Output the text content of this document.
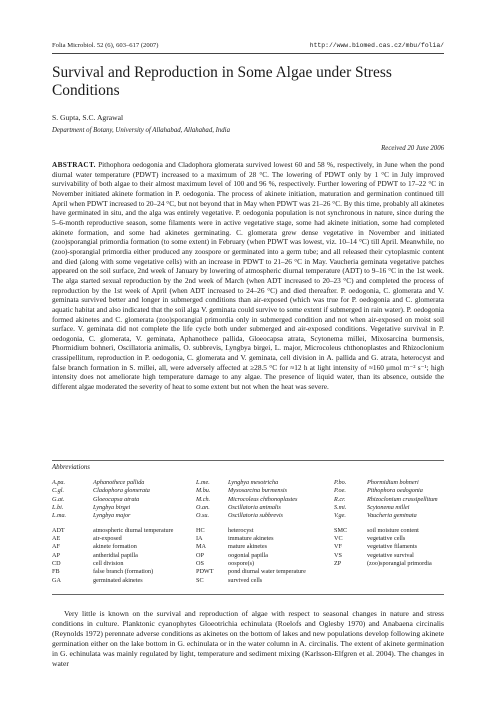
Folia Microbiol. 52 (6), 603–617 (2007)	http://www.biomed.cas.cz/mbu/folia/
Survival and Reproduction in Some Algae under Stress Conditions
S. Gupta, S.C. Agrawal
Department of Botany, University of Allahabad, Allahabad, India
Received 20 June 2006
ABSTRACT. Pithophora oedogonia and Cladophora glomerata survived lowest 60 and 58 %, respectively, in June when the pond diurnal water temperature (PDWT) increased to a maximum of 28 °C. The lowering of PDWT only by 1 °C in July improved survivability of both algae to their almost maximum level of 100 and 96 %, respectively. Further lowering of PDWT to 17–22 °C in November initiated akinete formation in P. oedogonia. The process of akinete initiation, maturation and germination continued till April when PDWT increased to 20–24 °C, but not beyond that in May when PDWT was 21–26 °C. By this time, probably all akinetes have germinated in situ, and the alga was entirely vegetative. P. oedogonia population is not synchronous in nature, since during the 5–6-month reproductive season, some filaments were in active vegetative stage, some had akinete initiation, some had completed akinete formation, and some had akinetes germinating. C. glomerata grew dense vegetative in November and initiated (zoo)sporangial primordia formation (to some extent) in February (when PDWT was lowest, viz. 10–14 °C) till April. Meanwhile, no (zoo)-sporangial primordia either produced any zoospore or germinated into a germ tube; and all released their cytoplasmic content and died (along with some vegetative cells) with an increase in PDWT to 21–26 °C in May. Vaucheria geminata vegetative patches appeared on the soil surface, 2nd week of January by lowering of atmospheric diurnal temperature (ADT) to 9–16 °C in the 1st week. The alga started sexual reproduction by the 2nd week of March (when ADT increased to 20–23 °C) and completed the process of reproduction by the 1st week of April (when ADT increased to 24–26 °C) and died thereafter. P. oedogonia, C. glomerata and V. geminata survived better and longer in submerged conditions than air-exposed (which was true for P. oedogonia and C. glomerata aquatic habitat and also indicated that the soil alga V. geminata could survive to some extent if submerged in rain water). P. oedogonia formed akinetes and C. glomerata (zoo)sporangial primordia only in submerged condition and not when air-exposed on moist soil surface. V. geminata did not complete the life cycle both under submerged and air-exposed conditions. Vegetative survival in P. oedogonia, C. glomerata, V. geminata, Aphanothece pallida, Gloeocapsa atrata, Scytonema millei, Mixosarcina burmensis, Phormidium bohneri, Oscillatoria animalis, O. subbrevis, Lyngbya birgei, L. major, Microcoleus chthonoplastes and Rhizoclonium crassipellitum, reproduction in P. oedogonia, C. glomerata and V. geminata, cell division in A. pallida and G. atrata, heterocyst and false branch formation in S. millei, all, were adversely affected at ≥28.5 °C for ≈12 h at light intensity of ≈160 μmol m⁻² s⁻¹; high intensity does not ameliorate high temperature damage to any algae. The presence of liquid water, than its absence, outside the different algae moderated the severity of heat to some extent but not when the heat was severe.
Abbreviations
A.pa.	Aphanothece pallida	L.me.	Lyngbya mesotricha	P.bo.	Phormidium bohneri
C.gl.	Cladophora glomerata	M.bu.	Myxosarcina burmensis	P.oe.	Pithophora oedogonia
G.at.	Gloeocapsa atrata	M.ch.	Microcoleus chthonoplastes	R.cr.	Rhizoclonium crassipellitum
L.bi.	Lyngbya birgei	O.an.	Oscillatoria animalis	S.mi.	Scytonema millei
L.ma.	Lyngbya major	O.su.	Oscillatoria subbrevis	V.ge.	Vaucheria geminata
ADT	atmospheric diurnal temperature	HC	heterocyst	SMC	soil moisture content
AE	air-exposed	IA	immature akinetes	VC	vegetative cells
AF	akinete formation	MA	mature akinetes	VF	vegetative filaments
AP	antheridial papilla	OP	oogonial papilla	VS	vegetative survival
CD	cell division	OS	oospore(s)	ZP	(zoo)sporangial primordia
FB	false branch (formation)	PDWT pond diurnal water temperature
GA	germinated akinetes	SC	survived cells
Very little is known on the survival and reproduction of algae with respect to seasonal changes in nature and stress conditions in culture. Planktonic cyanophytes Gloeotrichia echinulata (Roelofs and Oglesby 1970) and Anabaena circinalis (Reynolds 1972) perennate adverse conditions as akinetes on the bottom of lakes and new populations develop following akinete germination either on the lake bottom in G. echinulata or in the water column in A. circinalis. The extent of akinete germination in G. echinulata was mainly regulated by light, temperature and sediment mixing (Karlsson-Elfgren et al. 2004). The changes in water
